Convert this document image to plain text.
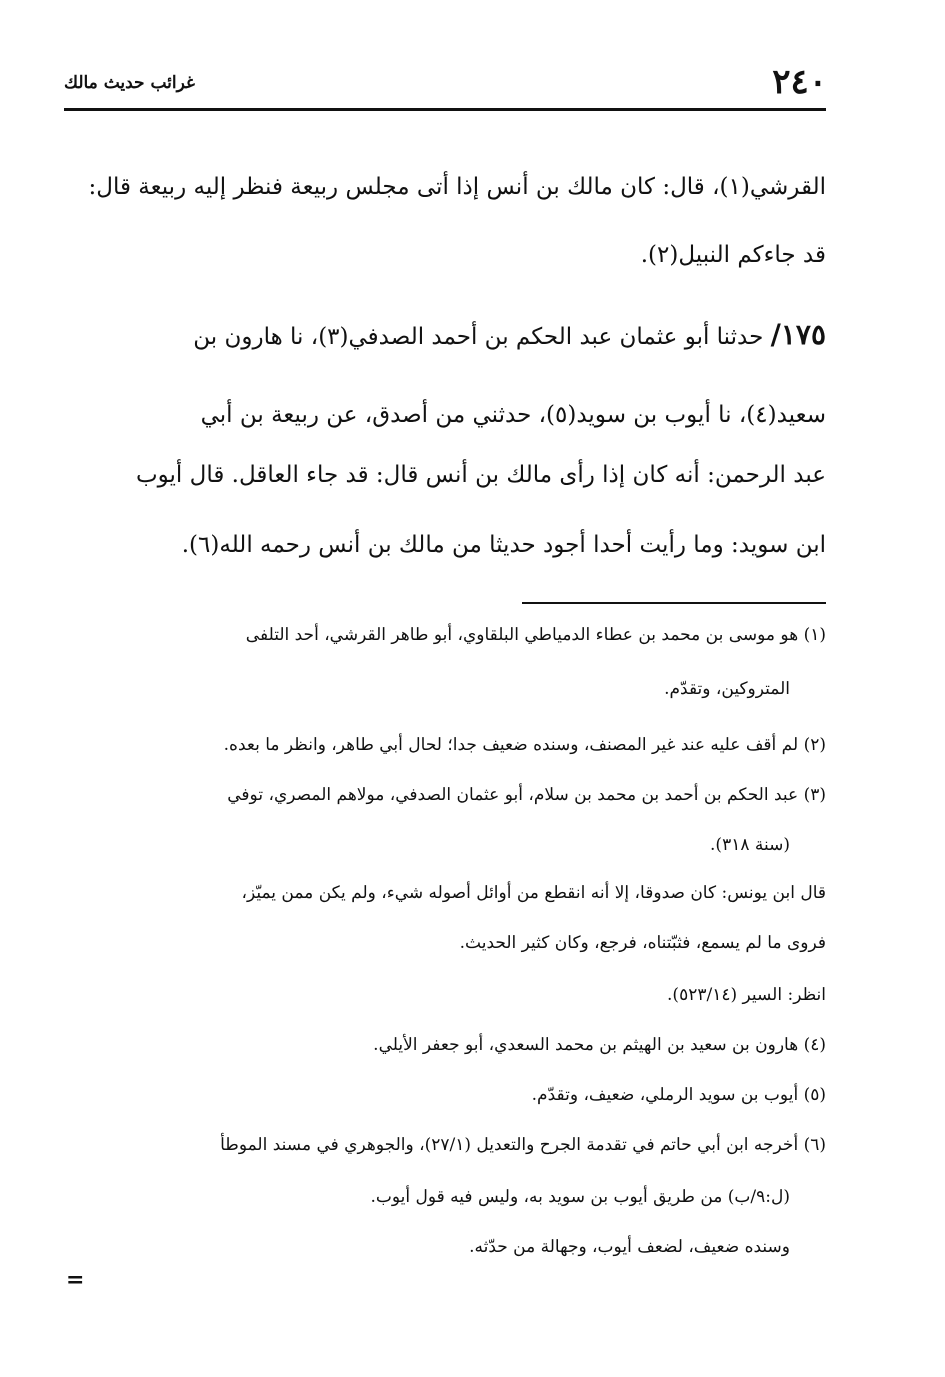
٢٤٠
غرائب حديث مالك

القرشي(١)، قال: كان مالك بن أنس إذا أتى مجلس ربيعة فنظر إليه ربيعة قال:

قد جاءكم النبيل(٢).

١٧٥/ حدثنا أبو عثمان عبد الحكم بن أحمد الصدفي(٣)، نا هارون بن

سعيد(٤)، نا أيوب بن سويد(٥)، حدثني من أصدق، عن ربيعة بن أبي

عبد الرحمن: أنه كان إذا رأى مالك بن أنس قال: قد جاء العاقل. قال أيوب

ابن سويد: وما رأيت أحدا أجود حديثا من مالك بن أنس رحمه الله(٦).

(١) هو موسى بن محمد بن عطاء الدمياطي البلقاوي، أبو طاهر القرشي، أحد التلفى
المتروكين، وتقدّم.
(٢) لم أقف عليه عند غير المصنف، وسنده ضعيف جدا؛ لحال أبي طاهر، وانظر ما بعده.
(٣) عبد الحكم بن أحمد بن محمد بن سلام، أبو عثمان الصدفي، مولاهم المصري، توفي
(سنة ٣١٨).
قال ابن يونس: كان صدوقا، إلا أنه انقطع من أوائل أصوله شيء، ولم يكن ممن يميّز،
فروى ما لم يسمع، فثبّتناه، فرجع، وكان كثير الحديث.
انظر: السير (٥٢٣/١٤).
(٤) هارون بن سعيد بن الهيثم بن محمد السعدي، أبو جعفر الأيلي.
(٥) أيوب بن سويد الرملي، ضعيف، وتقدّم.
(٦) أخرجه ابن أبي حاتم في تقدمة الجرح والتعديل (٢٧/١)، والجوهري في مسند الموطأ
(ل:٩/ب) من طريق أيوب بن سويد به، وليس فيه قول أيوب.
وسنده ضعيف، لضعف أيوب، وجهالة من حدّثه.
=
